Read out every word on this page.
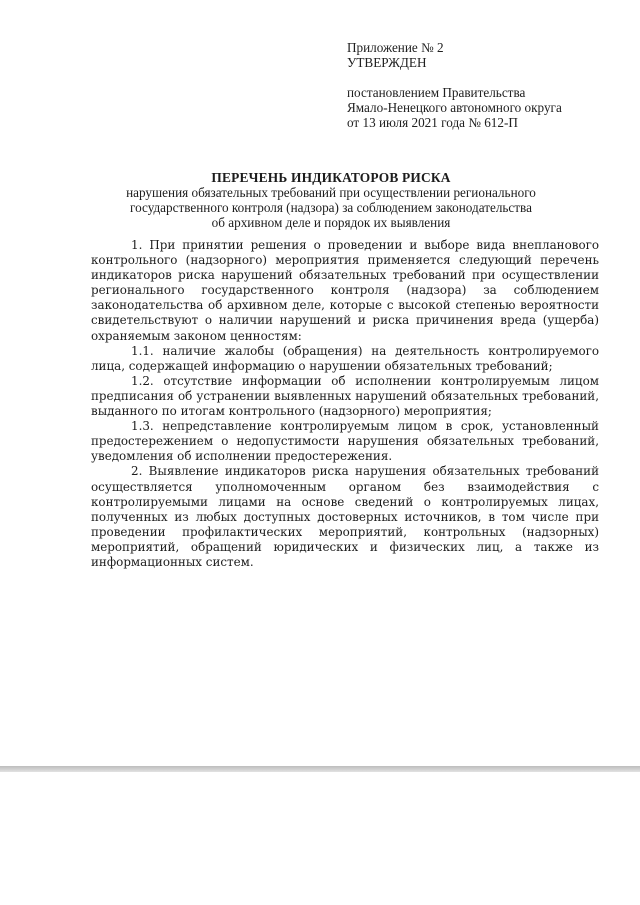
Приложение № 2
УТВЕРЖДЕН
постановлением Правительства
Ямало-Ненецкого автономного округа
от 13 июля 2021 года № 612-П
ПЕРЕЧЕНЬ ИНДИКАТОРОВ РИСКА
нарушения обязательных требований при осуществлении регионального
государственного контроля (надзора) за соблюдением законодательства
об архивном деле и порядок их выявления

1. При принятии решения о проведении и выборе вида внепланового контрольного (надзорного) мероприятия применяется следующий перечень индикаторов риска нарушений обязательных требований при осуществлении регионального государственного контроля (надзора) за соблюдением законодательства об архивном деле, которые с высокой степенью вероятности свидетельствуют о наличии нарушений и риска причинения вреда (ущерба) охраняемым законом ценностям:

1.1. наличие жалобы (обращения) на деятельность контролируемого лица, содержащей информацию о нарушении обязательных требований;

1.2. отсутствие информации об исполнении контролируемым лицом предписания об устранении выявленных нарушений обязательных требований, выданного по итогам контрольного (надзорного) мероприятия;

1.3. непредставление контролируемым лицом в срок, установленный предостережением о недопустимости нарушения обязательных требований, уведомления об исполнении предостережения.

2. Выявление индикаторов риска нарушения обязательных требований осуществляется уполномоченным органом без взаимодействия с контролируемыми лицами на основе сведений о контролируемых лицах, полученных из любых доступных достоверных источников, в том числе при проведении профилактических мероприятий, контрольных (надзорных) мероприятий, обращений юридических и физических лиц, а также из информационных систем.
